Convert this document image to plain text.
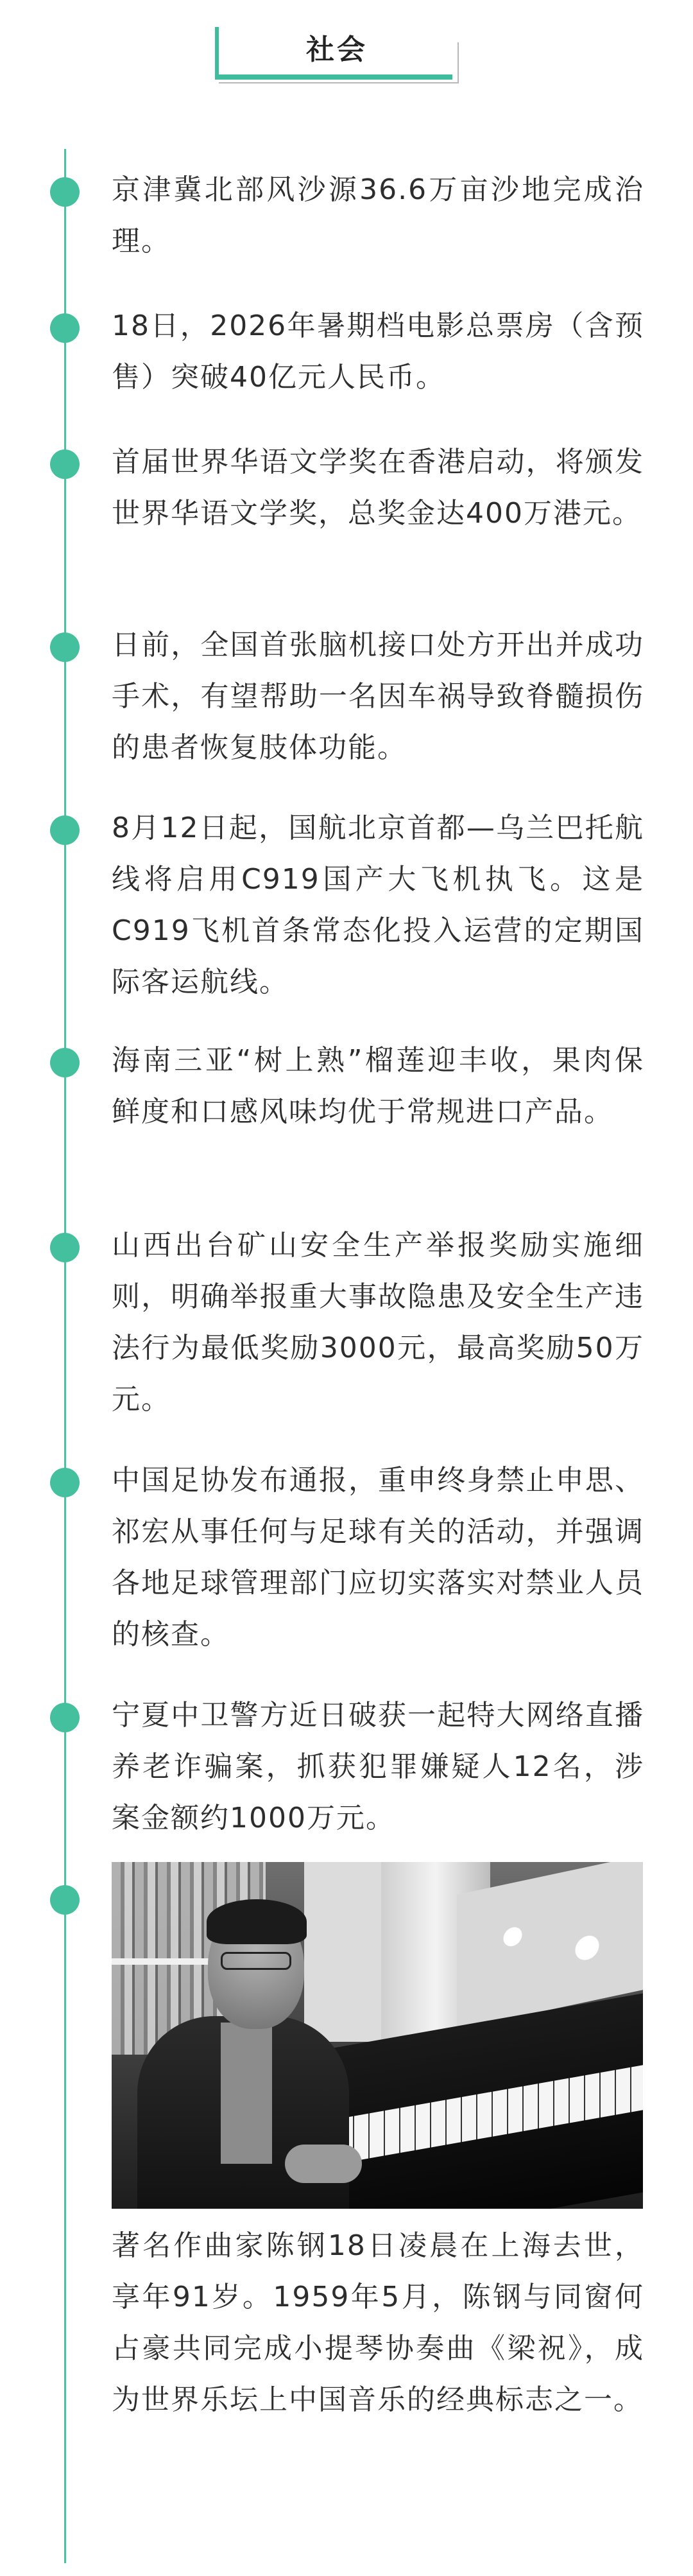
社会
京津冀北部风沙源36.6万亩沙地完成治理。
18日，2026年暑期档电影总票房（含预售）突破40亿元人民币。
首届世界华语文学奖在香港启动，将颁发世界华语文学奖，总奖金达400万港元。
日前，全国首张脑机接口处方开出并成功手术，有望帮助一名因车祸导致脊髓损伤的患者恢复肢体功能。
8月12日起，国航北京首都—乌兰巴托航线将启用C919国产大飞机执飞。这是C919飞机首条常态化投入运营的定期国际客运航线。
海南三亚“树上熟”榴莲迎丰收，果肉保鲜度和口感风味均优于常规进口产品。
山西出台矿山安全生产举报奖励实施细则，明确举报重大事故隐患及安全生产违法行为最低奖励3000元，最高奖励50万元。
中国足协发布通报，重申终身禁止申思、祁宏从事任何与足球有关的活动，并强调各地足球管理部门应切实落实对禁业人员的核查。
宁夏中卫警方近日破获一起特大网络直播养老诈骗案，抓获犯罪嫌疑人12名，涉案金额约1000万元。
著名作曲家陈钢18日凌晨在上海去世，享年91岁。1959年5月，陈钢与同窗何占豪共同完成小提琴协奏曲《梁祝》，成为世界乐坛上中国音乐的经典标志之一。
